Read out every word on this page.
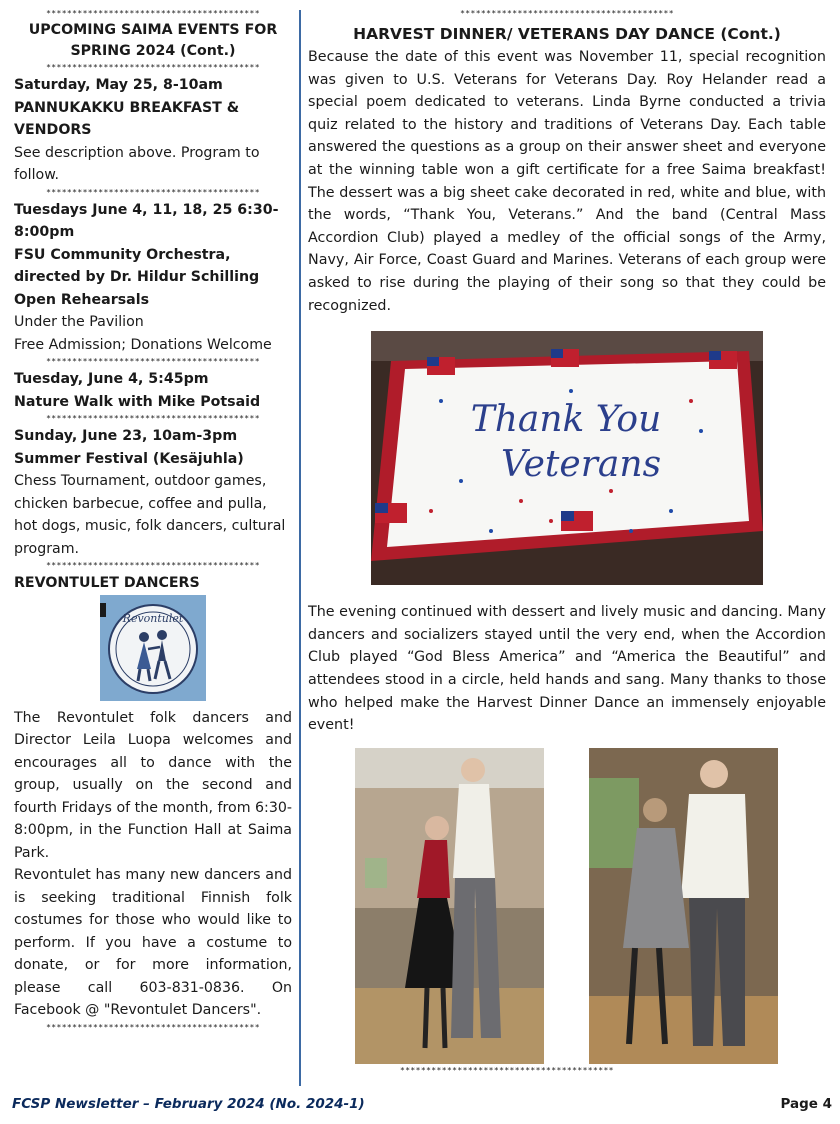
*****************************************
UPCOMING SAIMA EVENTS FOR SPRING 2024 (Cont.)
*****************************************
Saturday, May 25, 8-10am
PANNUKAKKU BREAKFAST & VENDORS
See description above. Program to follow.
*****************************************
Tuesdays June 4, 11, 18, 25 6:30-8:00pm
FSU Community Orchestra, directed by Dr. Hildur Schilling Open Rehearsals
Under the Pavilion
Free Admission; Donations Welcome
*****************************************
Tuesday, June 4, 5:45pm
Nature Walk with Mike Potsaid
*****************************************
Sunday, June 23, 10am-3pm
Summer Festival (Kesäjuhla)
Chess Tournament, outdoor games, chicken barbecue, coffee and pulla, hot dogs, music, folk dancers, cultural program.
*****************************************
REVONTULET DANCERS
Revontulet
The Revontulet folk dancers and Director Leila Luopa welcomes and encourages all to dance with the group, usually on the second and fourth Fridays of the month, from 6:30-8:00pm, in the Function Hall at Saima Park.
Revontulet has many new dancers and is seeking traditional Finnish folk costumes for those who would like to perform. If you have a costume to donate, or for more information, please call 603-831-0836. On Facebook @ "Revontulet Dancers".
*****************************************
*****************************************
HARVEST DINNER/ VETERANS DAY DANCE (Cont.)
Because the date of this event was November 11, special recognition was given to U.S. Veterans for Veterans Day. Roy Helander read a special poem dedicated to veterans. Linda Byrne conducted a trivia quiz related to the history and traditions of Veterans Day. Each table answered the questions as a group on their answer sheet and everyone at the winning table won a gift certificate for a free Saima breakfast! The dessert was a big sheet cake decorated in red, white and blue, with the words, “Thank You, Veterans.” And the band (Central Mass Accordion Club) played a medley of the official songs of the Army, Navy, Air Force, Coast Guard and Marines. Veterans of each group were asked to rise during the playing of their song so that they could be recognized.
Thank You
Veterans
The evening continued with dessert and lively music and dancing. Many dancers and socializers stayed until the very end, when the Accordion Club played “God Bless America” and “America the Beautiful” and attendees stood in a circle, held hands and sang. Many thanks to those who helped make the Harvest Dinner Dance an immensely enjoyable event!
*****************************************
FCSP Newsletter – February 2024 (No. 2024-1)	Page 4
